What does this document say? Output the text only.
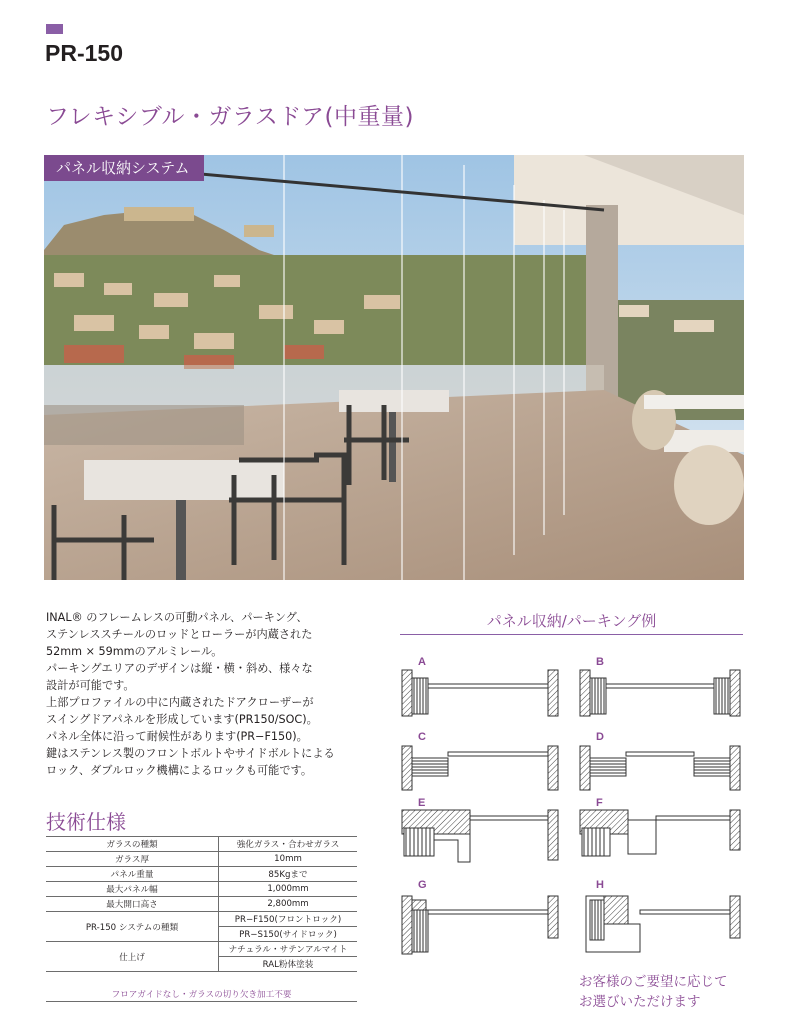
PR-150
フレキシブル・ガラスドア(中重量)
パネル収納システム
INAL® のフレームレスの可動パネル、パーキング、
ステンレススチールのロッドとローラーが内蔵された
52mm × 59mmのアルミレール。
パーキングエリアのデザインは縦・横・斜め、様々な
設計が可能です。
上部プロファイルの中に内蔵されたドアクローザーが
スイングドアパネルを形成しています(PR150/SOC)。
パネル全体に沿って耐候性があります(PR−F150)。
鍵はステンレス製のフロントボルトやサイドボルトによる
ロック、ダブルロック機構によるロックも可能です。
技術仕様
ガラスの種類	強化ガラス・合わせガラス
ガラス厚	10mm
パネル重量	85Kgまで
最大パネル幅	1,000mm
最大開口高さ	2,800mm
PR-150 システムの種類	PR−F150(フロントロック)
	PR−S150(サイドロック)
仕上げ	ナチュラル・サテンアルマイト
	RAL粉体塗装
フロアガイドなし・ガラスの切り欠き加工不要
パネル収納/パーキング例
A	B
C	D
E	F
G	H
お客様のご要望に応じて
お選びいただけます
